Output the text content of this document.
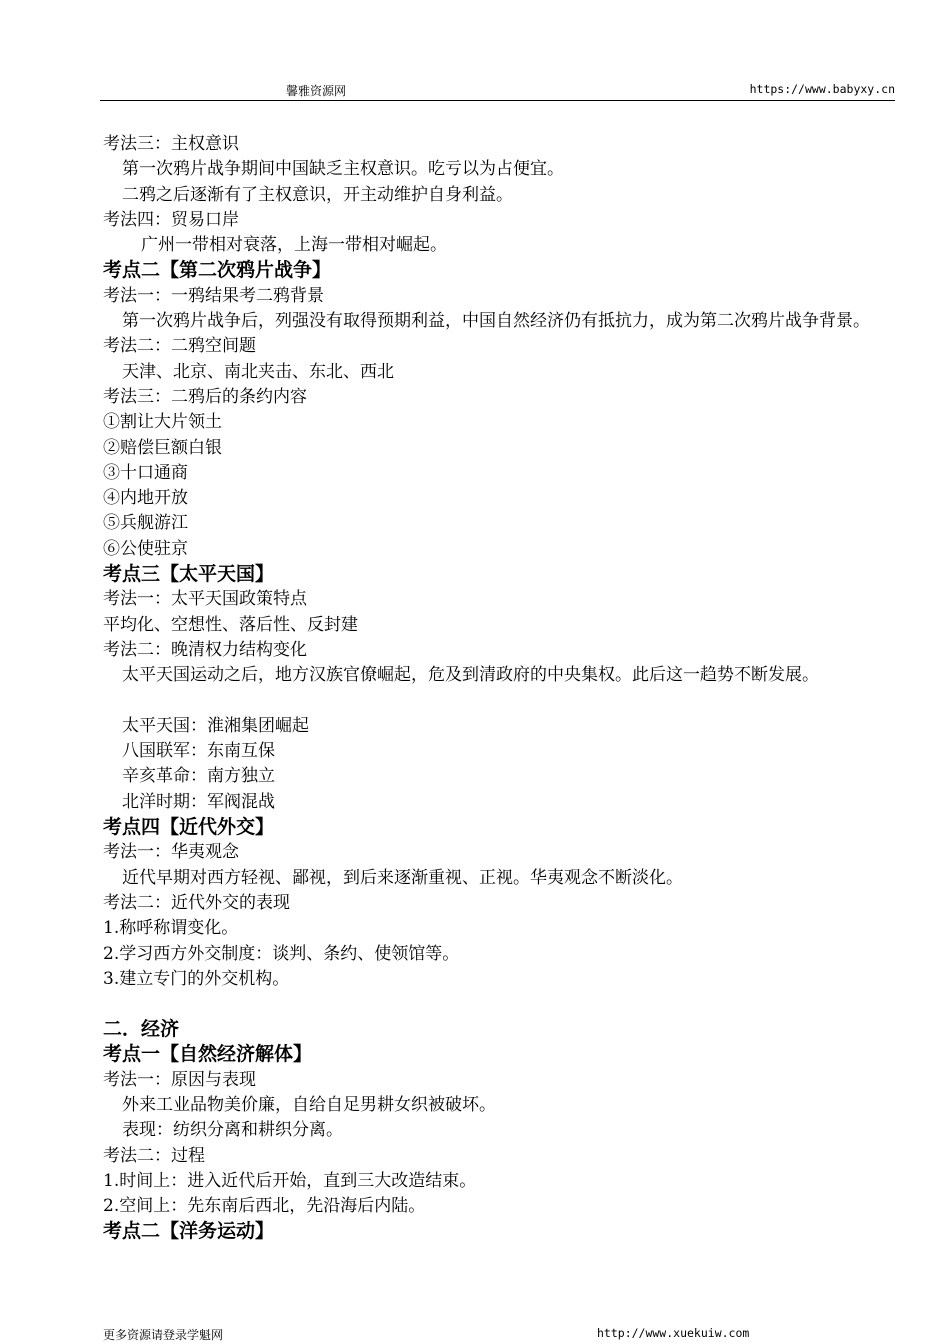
馨雅资源网	https://www.babyxy.cn
考法三：主权意识
第一次鸦片战争期间中国缺乏主权意识。吃亏以为占便宜。
二鸦之后逐渐有了主权意识，开主动维护自身利益。
考法四：贸易口岸
广州一带相对衰落，上海一带相对崛起。
考点二【第二次鸦片战争】
考法一：一鸦结果考二鸦背景
第一次鸦片战争后，列强没有取得预期利益，中国自然经济仍有抵抗力，成为第二次鸦片战争背景。
考法二：二鸦空间题
天津、北京、南北夹击、东北、西北
考法三：二鸦后的条约内容
①割让大片领土
②赔偿巨额白银
③十口通商
④内地开放
⑤兵舰游江
⑥公使驻京
考点三【太平天国】
考法一：太平天国政策特点
平均化、空想性、落后性、反封建
考法二：晚清权力结构变化
太平天国运动之后，地方汉族官僚崛起，危及到清政府的中央集权。此后这一趋势不断发展。
太平天国：淮湘集团崛起
八国联军：东南互保
辛亥革命：南方独立
北洋时期：军阀混战
考点四【近代外交】
考法一：华夷观念
近代早期对西方轻视、鄙视，到后来逐渐重视、正视。华夷观念不断淡化。
考法二：近代外交的表现
1.称呼称谓变化。
2.学习西方外交制度：谈判、条约、使领馆等。
3.建立专门的外交机构。
二．经济
考点一【自然经济解体】
考法一：原因与表现
外来工业品物美价廉，自给自足男耕女织被破坏。
表现：纺织分离和耕织分离。
考法二：过程
1.时间上：进入近代后开始，直到三大改造结束。
2.空间上：先东南后西北，先沿海后内陆。
考点二【洋务运动】
更多资源请登录学魁网	http://www.xuekuiw.com
